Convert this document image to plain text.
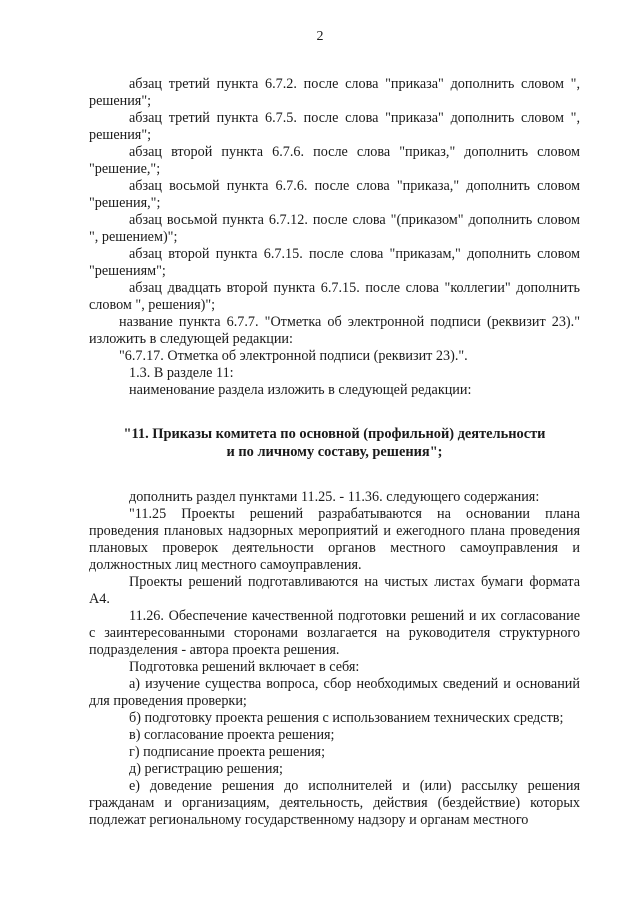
2

абзац третий пункта 6.7.2. после слова "приказа" дополнить словом ", решения";

абзац третий пункта 6.7.5. после слова "приказа" дополнить словом ", решения";

абзац второй пункта 6.7.6. после слова "приказ," дополнить словом "решение,";

абзац восьмой пункта 6.7.6. после слова "приказа," дополнить словом "решения,";

абзац восьмой пункта 6.7.12. после слова "(приказом" дополнить словом ", решением)";

абзац второй пункта 6.7.15. после слова "приказам," дополнить словом "решениям";

абзац двадцать второй пункта 6.7.15. после слова "коллегии" дополнить словом ", решения)";

название пункта 6.7.7. "Отметка об электронной подписи (реквизит 23)." изложить в следующей редакции:

"6.7.17. Отметка об электронной подписи (реквизит 23).".

1.3. В разделе 11:

наименование раздела изложить в следующей редакции:

"11. Приказы комитета по основной (профильной) деятельности
и по личному составу, решения";

дополнить раздел пунктами 11.25. - 11.36. следующего содержания:

"11.25 Проекты решений разрабатываются на основании плана проведения плановых надзорных мероприятий и ежегодного плана проведения плановых проверок деятельности органов местного самоуправления и должностных лиц местного самоуправления.

Проекты решений подготавливаются на чистых листах бумаги формата А4.

11.26. Обеспечение качественной подготовки решений и их согласование с заинтересованными сторонами возлагается на руководителя структурного подразделения - автора проекта решения.

Подготовка решений включает в себя:

а) изучение существа вопроса, сбор необходимых сведений и оснований для проведения проверки;

б) подготовку проекта решения с использованием технических средств;

в) согласование проекта решения;

г) подписание проекта решения;

д) регистрацию решения;

е) доведение решения до исполнителей и (или) рассылку решения гражданам и организациям, деятельность, действия (бездействие) которых подлежат региональному государственному надзору и органам местного
